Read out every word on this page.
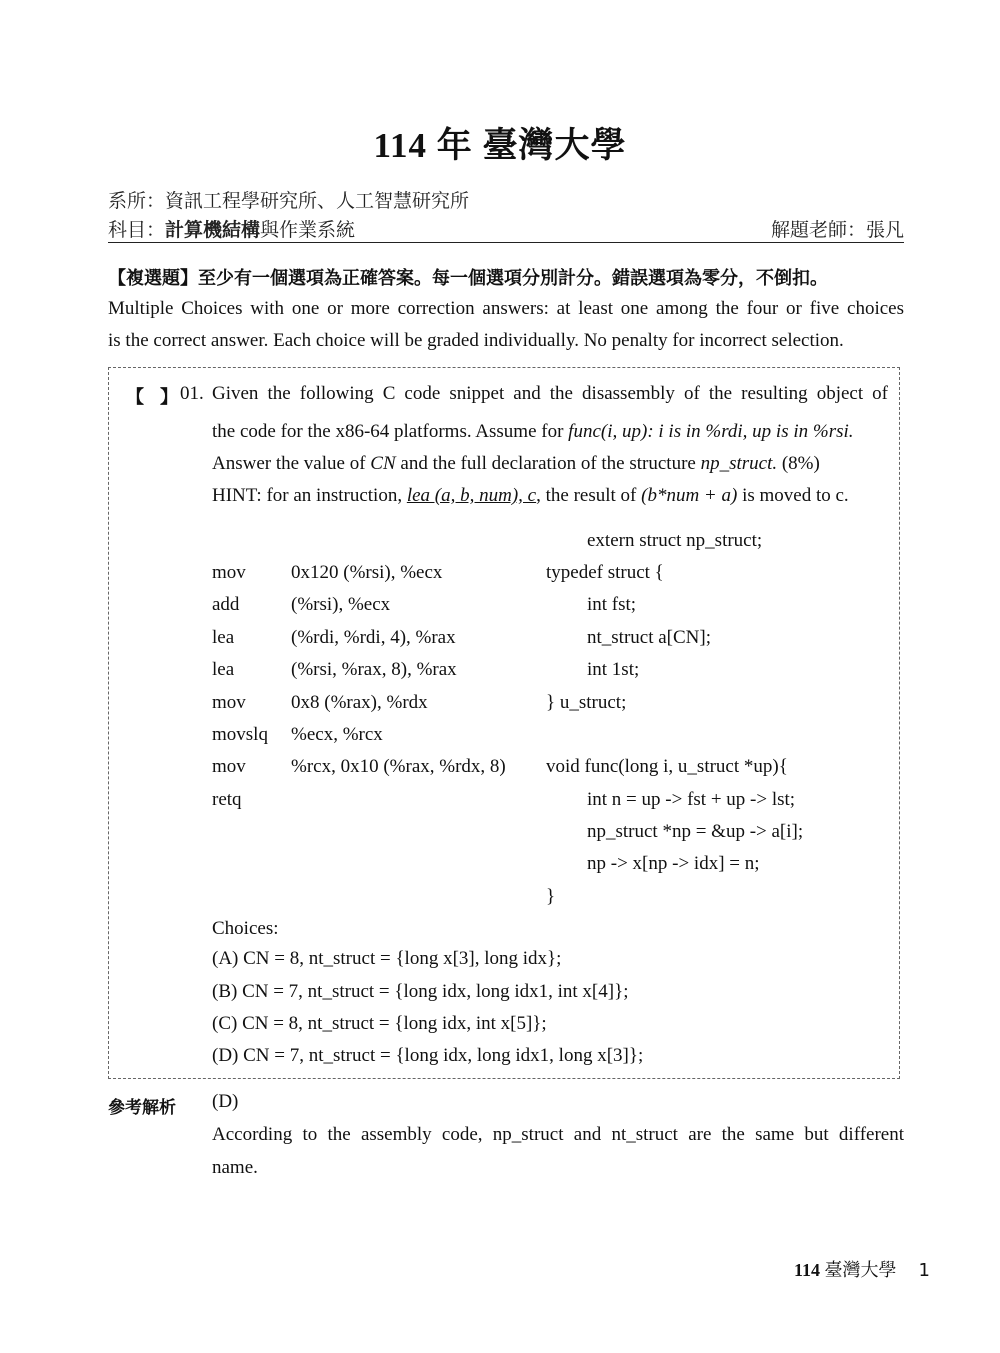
114 年 臺灣大學
系所：資訊工程學研究所、人工智慧研究所
科目：計算機結構與作業系統	解題老師：張凡
【複選題】至少有一個選項為正確答案。每一個選項分別計分。錯誤選項為零分，不倒扣。
Multiple Choices with one or more correction answers: at least one among the four or five choices
is the correct answer. Each choice will be graded individually. No penalty for incorrect selection.
【 】 01. Given the following C code snippet and the disassembly of the resulting object of
the code for the x86-64 platforms. Assume for func(i, up): i is in %rdi, up is in %rsi.
Answer the value of CN and the full declaration of the structure np_struct. (8%)
HINT: for an instruction, lea (a, b, num), c, the result of (b*num + a) is moved to c.
mov 0x120 (%rsi), %ecx
add	(%rsi), %ecx
lea	(%rdi, %rdi, 4), %rax
lea	(%rsi, %rax, 8), %rax
mov 0x8 (%rax), %rdx
movslq %ecx, %rcx
mov %rcx, 0x10 (%rax, %rdx, 8)
retq
extern struct np_struct;
typedef struct {
int fst;
nt_struct a[CN];
int 1st;
} u_struct;
void func(long i, u_struct *up){
int n = up -> fst + up -> lst;
np_struct *np = &up -> a[i];
np -> x[np -> idx] = n;
}
Choices:
(A) CN = 8, nt_struct = {long x[3], long idx};
(B) CN = 7, nt_struct = {long idx, long idx1, int x[4]};
(C) CN = 8, nt_struct = {long idx, int x[5]};
(D) CN = 7, nt_struct = {long idx, long idx1, long x[3]};
參考解析 (D)
According to the assembly code, np_struct and nt_struct are the same but different
name.
114 臺灣大學 1
